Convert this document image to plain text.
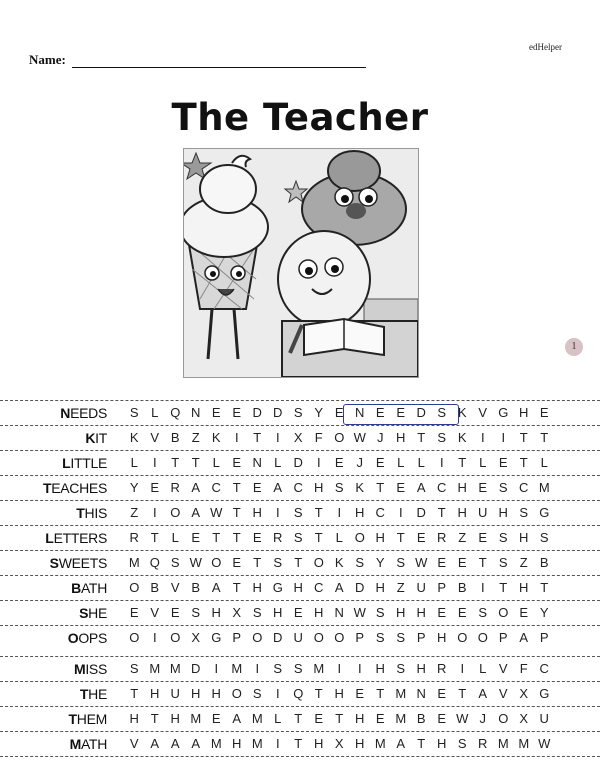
edHelper
Name:
The Teacher
1
NEEDS	S L Q N E E D D S Y E N E E D S K V G H E
KIT	K V B Z K	I	T	I	X F O W J H T S K	I	I	T T
LITTLE	L	I	T T L E N L D	I	E J E L	L	I	T L E T L
TEACHES	Y E R A C T E A C H S K T E A C H E S C M
THIS	Z	I	O A W T H	I	S T	I	H C	I	D T H U H S G
LETTERS	R T L E T T E R S T L O H T E R Z E S H S
SWEETS	M Q S W O E T S T O K S Y S W E E T S Z B
BATH	O B V B A T H G H C A D H Z U P B	I	T H T
SHE	E V E S H X S H E H N W S H H E E S O E Y
OOPS	O	I	O X G P O D U O O P S S P H O O P A P
MISS	S M M D	I	M	I	S S M	I	I	H S H R	I	L V F C
THE	T H U H H O S	I	Q T H E T M N E T A V X G
THEM	H T H M E A M L T E T H E M B E W J O X U
MATH	V A A A M H M	I	T H X H M A T H S R M M W
